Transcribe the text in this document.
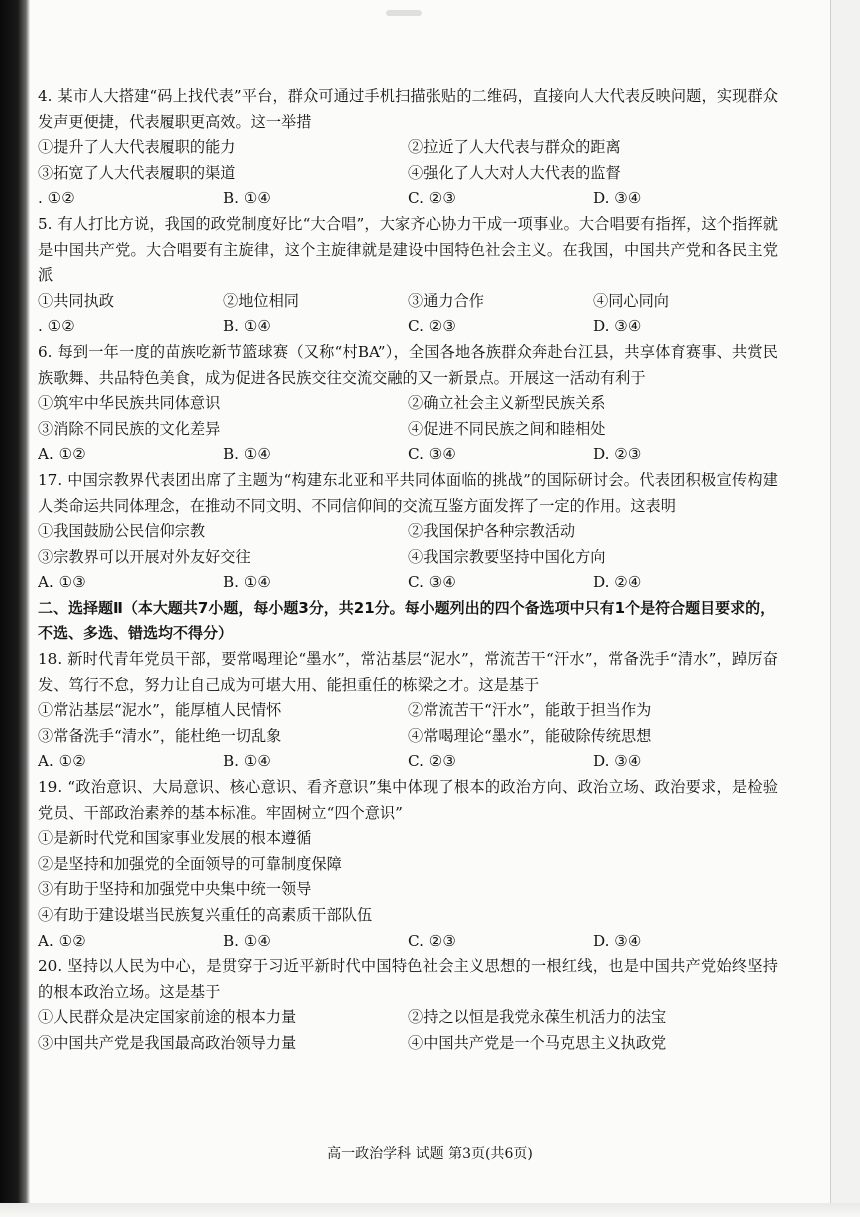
4. 某市人大搭建“码上找代表”平台，群众可通过手机扫描张贴的二维码，直接向人大代表反映问题，实现群众发声更便捷，代表履职更高效。这一举措

①提升了人大代表履职的能力	②拉近了人大代表与群众的距离
③拓宽了人大代表履职的渠道	④强化了人大对人大代表的监督
. ①②	B. ①④	C. ②③	D. ③④

5. 有人打比方说，我国的政党制度好比“大合唱”，大家齐心协力干成一项事业。大合唱要有指挥，这个指挥就是中国共产党。大合唱要有主旋律，这个主旋律就是建设中国特色社会主义。在我国，中国共产党和各民主党派

①共同执政	②地位相同	③通力合作	④同心同向
. ①②	B. ①④	C. ②③	D. ③④

6. 每到一年一度的苗族吃新节篮球赛（又称“村BA”），全国各地各族群众奔赴台江县，共享体育赛事、共赏民族歌舞、共品特色美食，成为促进各民族交往交流交融的又一新景点。开展这一活动有利于

①筑牢中华民族共同体意识	②确立社会主义新型民族关系
③消除不同民族的文化差异	④促进不同民族之间和睦相处
A. ①②	B. ①④	C. ③④	D. ②③

17. 中国宗教界代表团出席了主题为“构建东北亚和平共同体面临的挑战”的国际研讨会。代表团积极宣传构建人类命运共同体理念，在推动不同文明、不同信仰间的交流互鉴方面发挥了一定的作用。这表明

①我国鼓励公民信仰宗教	②我国保护各种宗教活动
③宗教界可以开展对外友好交往	④我国宗教要坚持中国化方向
A. ①③	B. ①④	C. ③④	D. ②④

二、选择题Ⅱ（本大题共7小题，每小题3分，共21分。每小题列出的四个备选项中只有1个是符合题目要求的，不选、多选、错选均不得分）

18. 新时代青年党员干部，要常喝理论“墨水”，常沾基层“泥水”，常流苦干“汗水”，常备洗手“清水”，踔厉奋发、笃行不怠，努力让自己成为可堪大用、能担重任的栋梁之才。这是基于

①常沾基层“泥水”，能厚植人民情怀	②常流苦干“汗水”，能敢于担当作为
③常备洗手“清水”，能杜绝一切乱象	④常喝理论“墨水”，能破除传统思想
A. ①②	B. ①④	C. ②③	D. ③④

19. “政治意识、大局意识、核心意识、看齐意识”集中体现了根本的政治方向、政治立场、政治要求，是检验党员、干部政治素养的基本标准。牢固树立“四个意识”

①是新时代党和国家事业发展的根本遵循

②是坚持和加强党的全面领导的可靠制度保障

③有助于坚持和加强党中央集中统一领导

④有助于建设堪当民族复兴重任的高素质干部队伍

A. ①②	B. ①④	C. ②③	D. ③④

20. 坚持以人民为中心，是贯穿于习近平新时代中国特色社会主义思想的一根红线，也是中国共产党始终坚持的根本政治立场。这是基于

①人民群众是决定国家前途的根本力量	②持之以恒是我党永葆生机活力的法宝
③中国共产党是我国最高政治领导力量	④中国共产党是一个马克思主义执政党
高一政治学科 试题 第3页(共6页)
